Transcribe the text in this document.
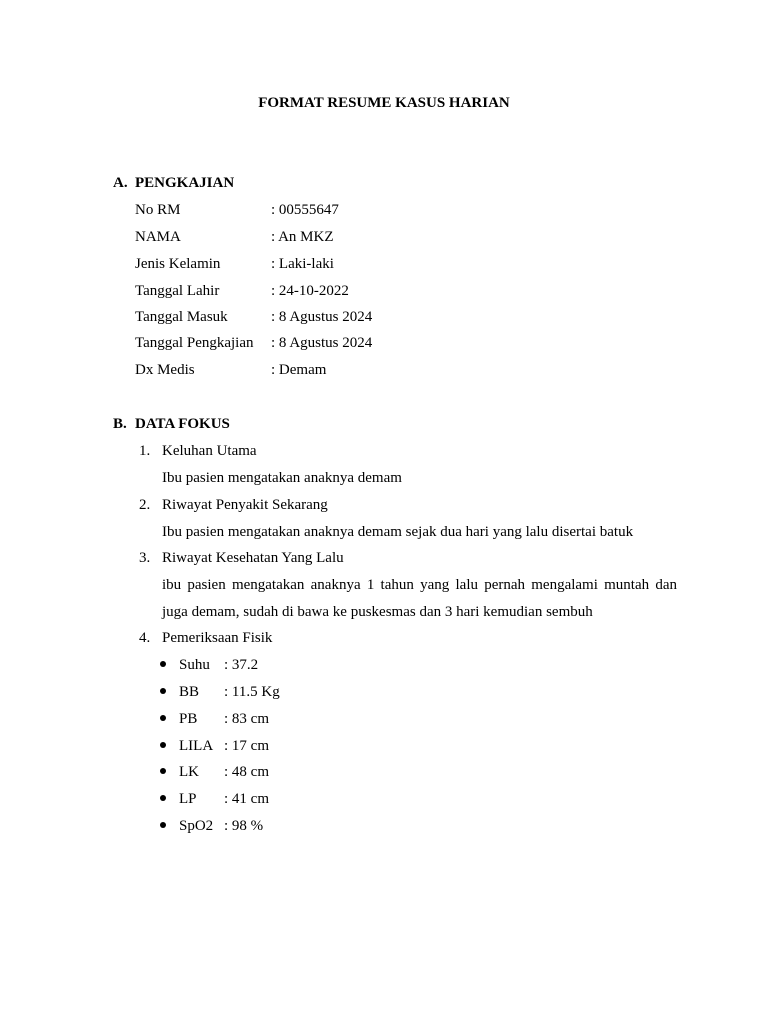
FORMAT RESUME KASUS HARIAN
A. PENGKAJIAN
No RM	: 00555647
NAMA	: An MKZ
Jenis Kelamin	: Laki-laki
Tanggal Lahir	: 24-10-2022
Tanggal Masuk	: 8 Agustus 2024
Tanggal Pengkajian : 8 Agustus 2024
Dx Medis	: Demam
B. DATA FOKUS
1. Keluhan Utama
Ibu pasien mengatakan anaknya demam
2. Riwayat Penyakit Sekarang
Ibu pasien mengatakan anaknya demam sejak dua hari yang lalu disertai batuk
3. Riwayat Kesehatan Yang Lalu
ibu pasien mengatakan anaknya 1 tahun yang lalu pernah mengalami muntah dan
juga demam, sudah di bawa ke puskesmas dan 3 hari kemudian sembuh
4. Pemeriksaan Fisik
Suhu : 37.2
BB : 11.5 Kg
PB : 83 cm
LILA : 17 cm
LK : 48 cm
LP : 41 cm
SpO2 : 98 %
